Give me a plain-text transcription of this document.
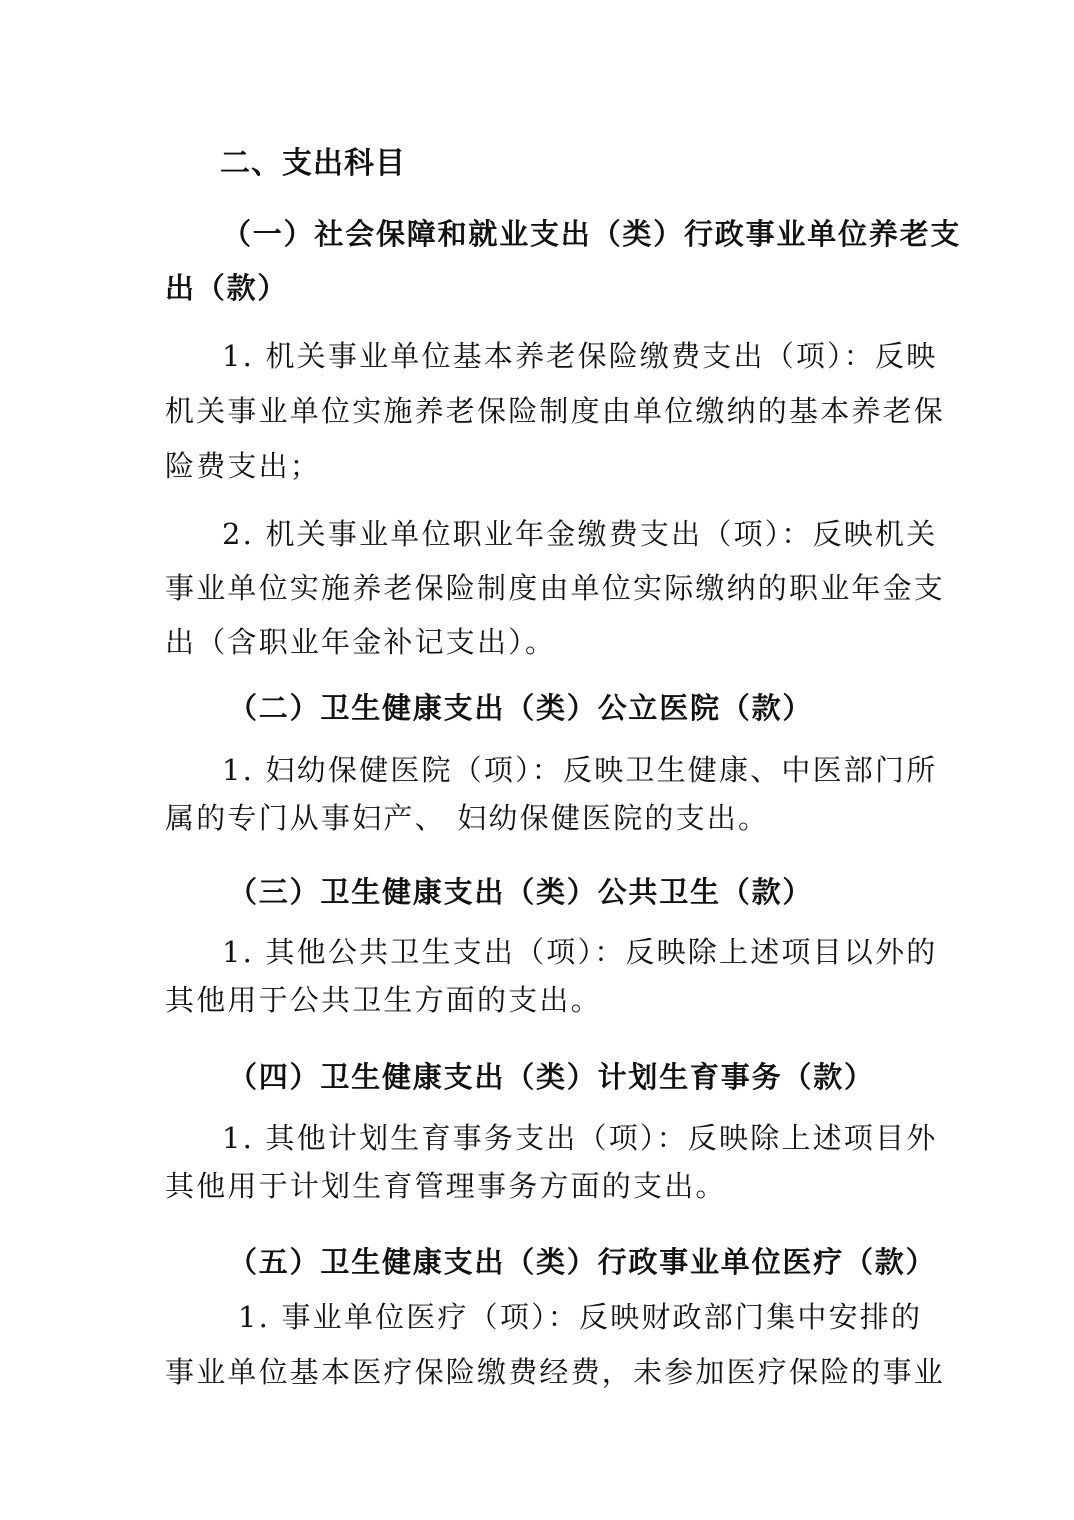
二、支出科目
（一）社会保障和就业支出（类）行政事业单位养老支
出（款）
1. 机关事业单位基本养老保险缴费支出（项）：反映
机关事业单位实施养老保险制度由单位缴纳的基本养老保
险费支出；
2. 机关事业单位职业年金缴费支出（项）：反映机关
事业单位实施养老保险制度由单位实际缴纳的职业年金支
出（含职业年金补记支出）。
（二）卫生健康支出（类）公立医院（款）
1. 妇幼保健医院（项）：反映卫生健康、中医部门所
属的专门从事妇产、 妇幼保健医院的支出。
（三）卫生健康支出（类）公共卫生（款）
1. 其他公共卫生支出（项）：反映除上述项目以外的
其他用于公共卫生方面的支出。
（四）卫生健康支出（类）计划生育事务（款）
1. 其他计划生育事务支出（项）：反映除上述项目外
其他用于计划生育管理事务方面的支出。
（五）卫生健康支出（类）行政事业单位医疗（款）
1. 事业单位医疗（项）：反映财政部门集中安排的
事业单位基本医疗保险缴费经费，未参加医疗保险的事业
